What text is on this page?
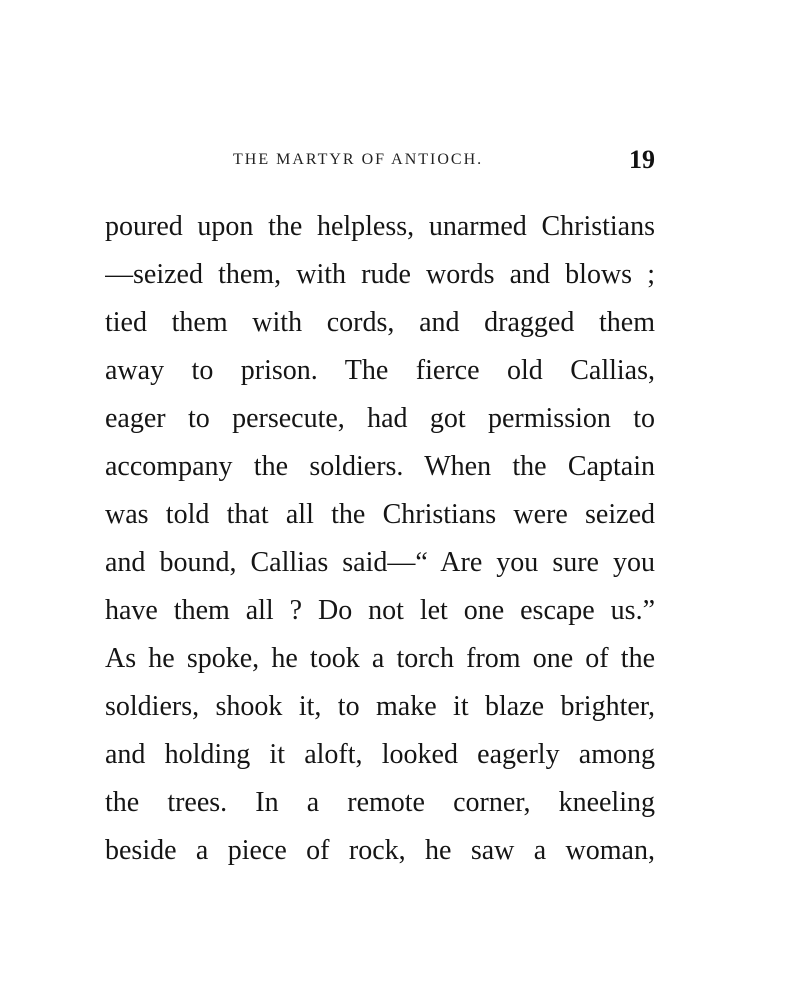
THE MARTYR OF ANTIOCH.	19
poured upon the helpless, unarmed Christians
—seized them, with rude words and blows ;
tied them with cords, and dragged them
away to prison. The fierce old Callias,
eager to persecute, had got permission to
accompany the soldiers. When the Captain
was told that all the Christians were seized
and bound, Callias said—“ Are you sure you
have them all ? Do not let one escape us.”
As he spoke, he took a torch from one of the
soldiers, shook it, to make it blaze brighter,
and holding it aloft, looked eagerly among
the trees. In a remote corner, kneeling
beside a piece of rock, he saw a woman,
